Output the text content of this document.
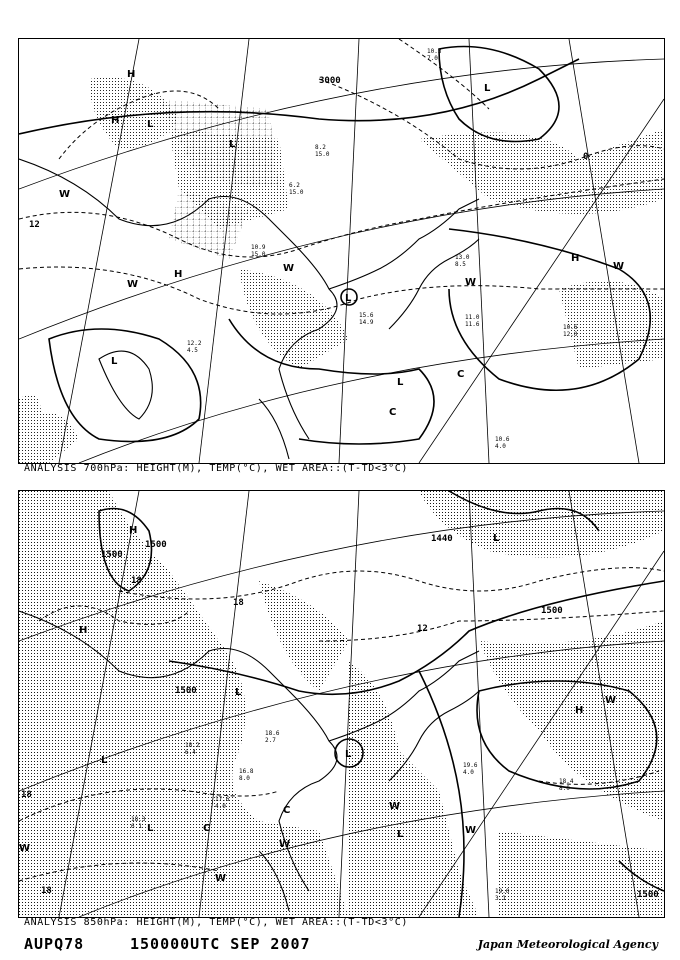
H
H
H
H
L
L
L
L
L
L
W
W	W
W
W
C
C
3000
12
0
10.6
4.0
11.0
11.6	10.6
12.0
13.0
8.5
6.2
15.0
10.9
15.0
12.2
4.5
10.3
7.0
8.2
15.0
15.6
14.9
ANALYSIS 700hPa: HEIGHT(M), TEMP(°C), WET AREA::(T-TD<3°C)
H
H
H
L
L
L
L
L
L
W
W
W
W
W
W
C
C
1500
1500
1500
1500
1500
1440
18
18
18
18
12
19.6
4.0
19.0
3.1
18.4
8.0
16.8
8.0
17.6
4.0
18.3
6.1
18.6
2.7
18.2
6.4
ANALYSIS 850hPa: HEIGHT(M), TEMP(°C), WET AREA::(T-TD<3°C)
AUPQ78	150000UTC SEP 2007	Japan Meteorological Agency
